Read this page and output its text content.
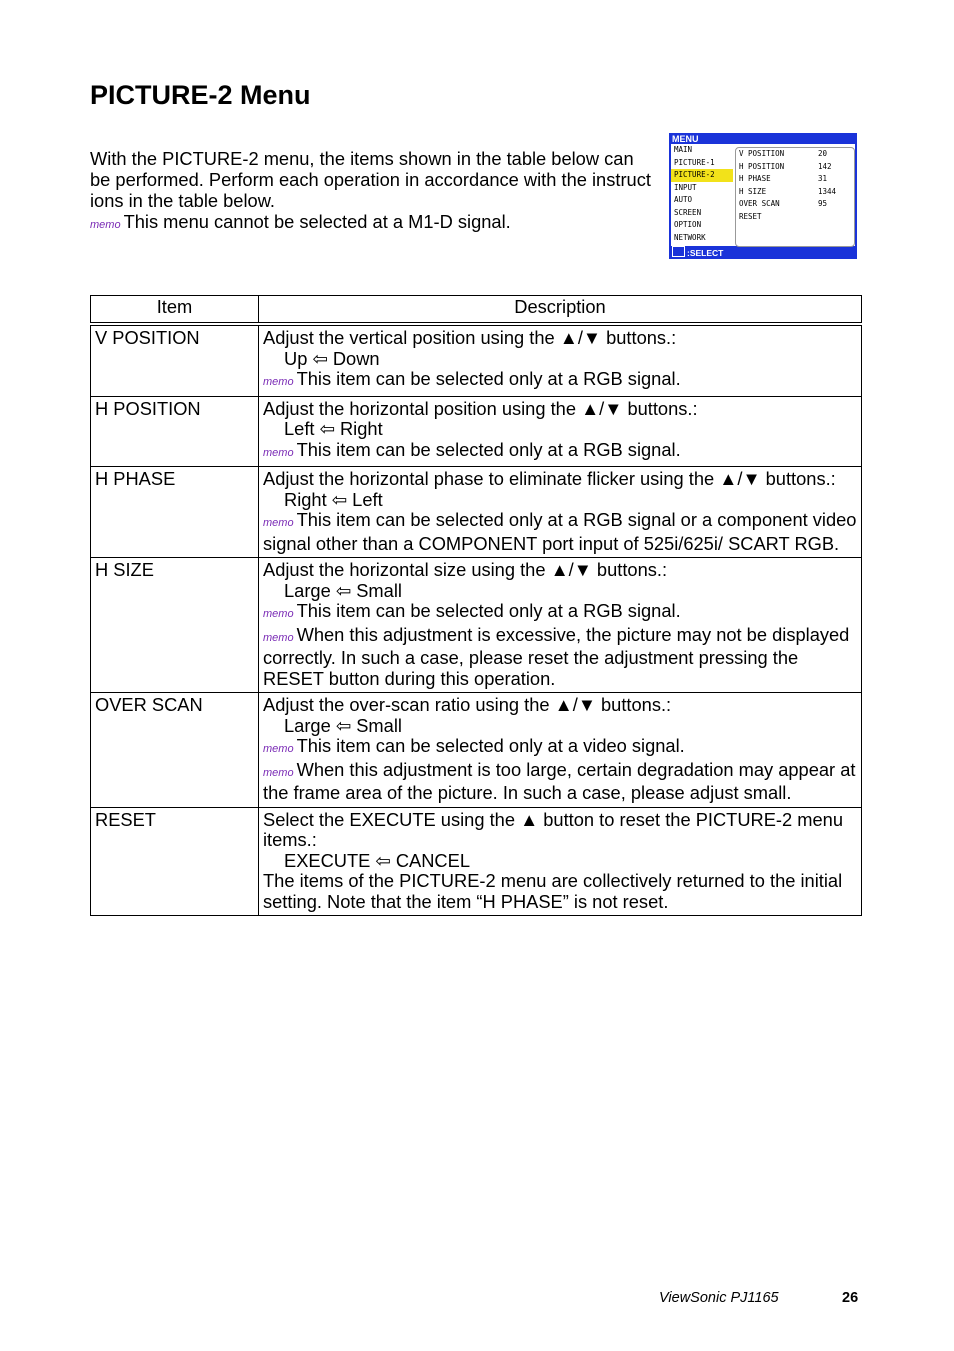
PICTURE-2 Menu

With the PICTURE-2 menu, the items shown in the table below can be performed. Perform each operation in accordance with the instruct ions in the table below.

memo This menu cannot be selected at a M1-D signal.

MENU
MAIN
PICTURE-1
PICTURE-2
INPUT
AUTO
SCREEN
OPTION
NETWORK
V POSITION	20
H POSITION	142
H PHASE	31
H SIZE	1344
OVER SCAN	95
RESET
:SELECT
Item	Description
V POSITION	Adjust the vertical position using the ▲/▼ buttons.:
Up ⇦ Down
memo This item can be selected only at a RGB signal.

H POSITION	Adjust the horizontal position using the ▲/▼ buttons.:
Left ⇦ Right
memo This item can be selected only at a RGB signal.

H PHASE	Adjust the horizontal phase to eliminate flicker using the ▲/▼ buttons.:
Right ⇦ Left
memo This item can be selected only at a RGB signal or a component video signal other than a COMPONENT port input of 525i/625i/ SCART RGB.

H SIZE	Adjust the horizontal size using the ▲/▼ buttons.:
Large ⇦ Small
memo This item can be selected only at a RGB signal.
memo When this adjustment is excessive, the picture may not be displayed correctly. In such a case, please reset the adjustment pressing the RESET button during this operation.

OVER SCAN	Adjust the over-scan ratio using the ▲/▼ buttons.:
Large ⇦ Small
memo This item can be selected only at a video signal.
memo When this adjustment is too large, certain degradation may appear at the frame area of the picture. In such a case, please adjust small.

RESET	Select the EXECUTE using the ▲ button to reset the PICTURE-2 menu items.:
EXECUTE ⇦ CANCEL
The items of the PICTURE-2 menu are collectively returned to the initial setting. Note that the item “H PHASE” is not reset.
ViewSonic PJ1165	26
